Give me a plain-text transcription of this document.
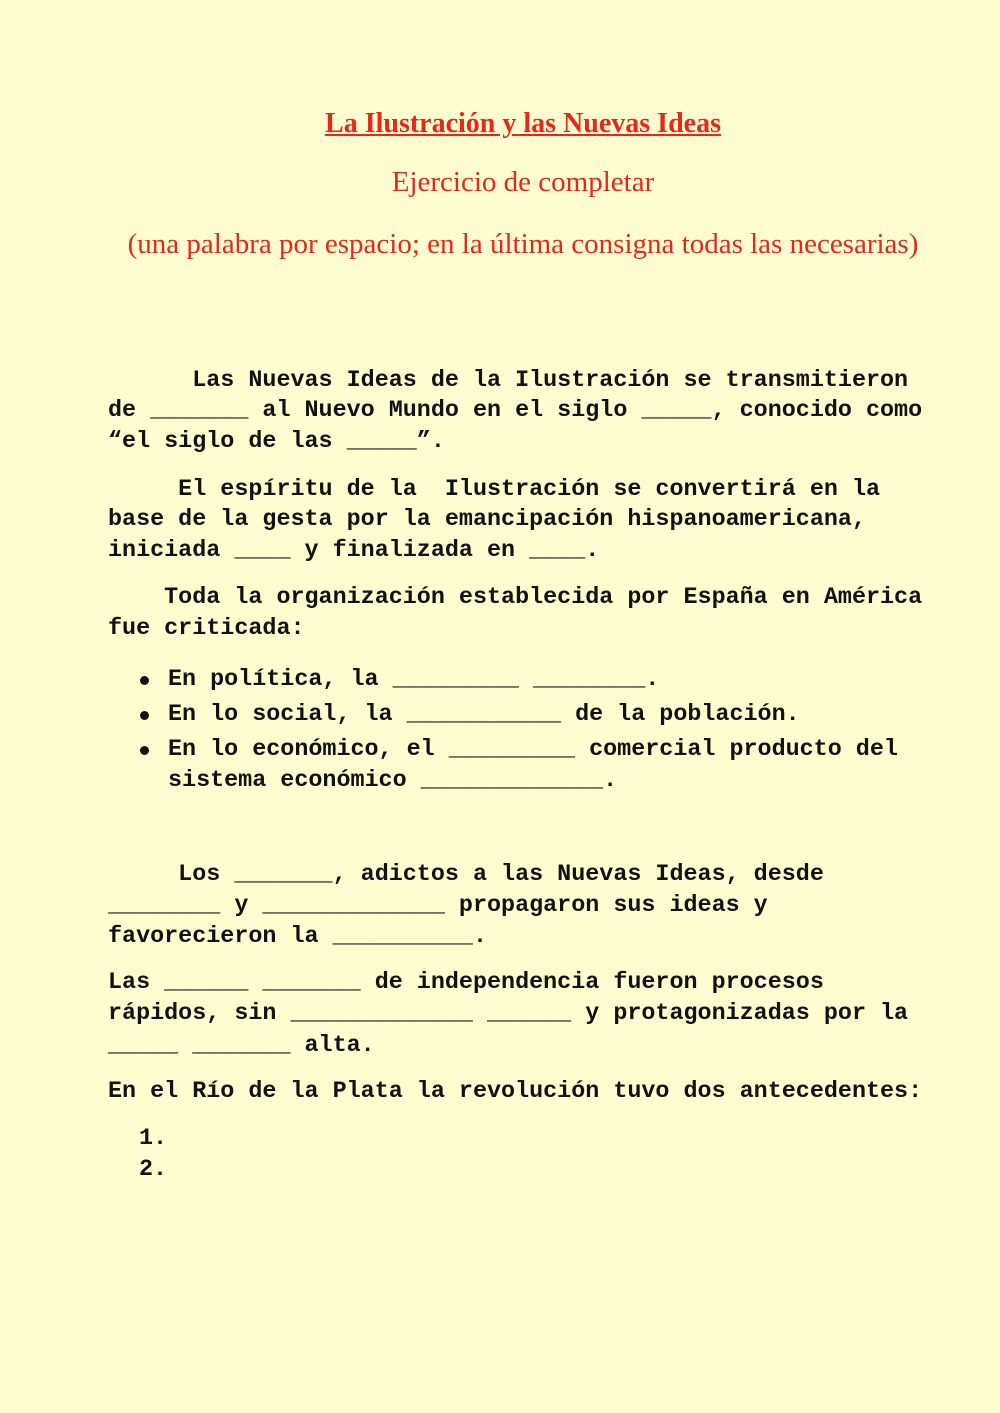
La Ilustración y las Nuevas Ideas
Ejercicio de completar
(una palabra por espacio; en la última consigna todas las necesarias)
Las Nuevas Ideas de la Ilustración se transmitieron
de _______ al Nuevo Mundo en el siglo _____, conocido como
“el siglo de las _____”.
El espíritu de la  Ilustración se convertirá en la
base de la gesta por la emancipación hispanoamericana,
iniciada ____ y finalizada en ____.
Toda la organización establecida por España en América
fue criticada:
En política, la _________ ________.
En lo social, la ___________ de la población.
En lo económico, el _________ comercial producto del
sistema económico _____________.
Los _______, adictos a las Nuevas Ideas, desde
________ y _____________ propagaron sus ideas y
favorecieron la __________.
Las ______ _______ de independencia fueron procesos
rápidos, sin _____________ ______ y protagonizadas por la
_____ _______ alta.
En el Río de la Plata la revolución tuvo dos antecedentes:
1.
2.
